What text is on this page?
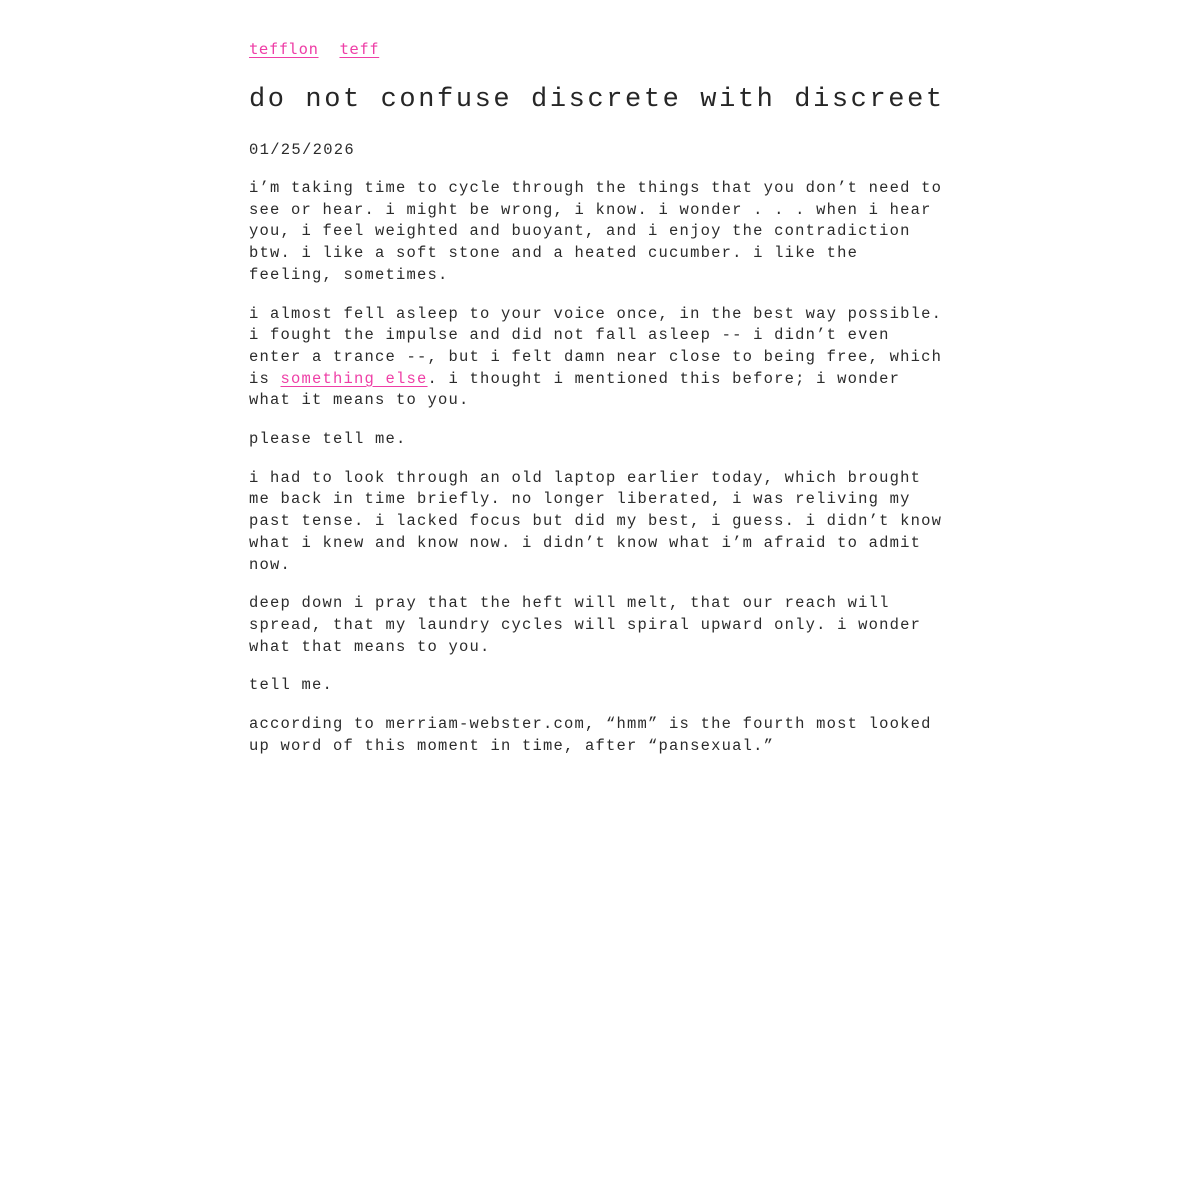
tefflon teff
do not confuse discrete with discreet
01/25/2026

i’m taking time to cycle through the things that you don’t need to
see or hear. i might be wrong, i know. i wonder . . . when i hear
you, i feel weighted and buoyant, and i enjoy the contradiction
btw. i like a soft stone and a heated cucumber. i like the
feeling, sometimes.

i almost fell asleep to your voice once, in the best way possible.
i fought the impulse and did not fall asleep -- i didn’t even
enter a trance --, but i felt damn near close to being free, which
is something else. i thought i mentioned this before; i wonder
what it means to you.

please tell me.

i had to look through an old laptop earlier today, which brought
me back in time briefly. no longer liberated, i was reliving my
past tense. i lacked focus but did my best, i guess. i didn’t know
what i knew and know now. i didn’t know what i’m afraid to admit
now.

deep down i pray that the heft will melt, that our reach will
spread, that my laundry cycles will spiral upward only. i wonder
what that means to you.

tell me.

according to merriam-webster.com, “hmm” is the fourth most looked
up word of this moment in time, after “pansexual.”
